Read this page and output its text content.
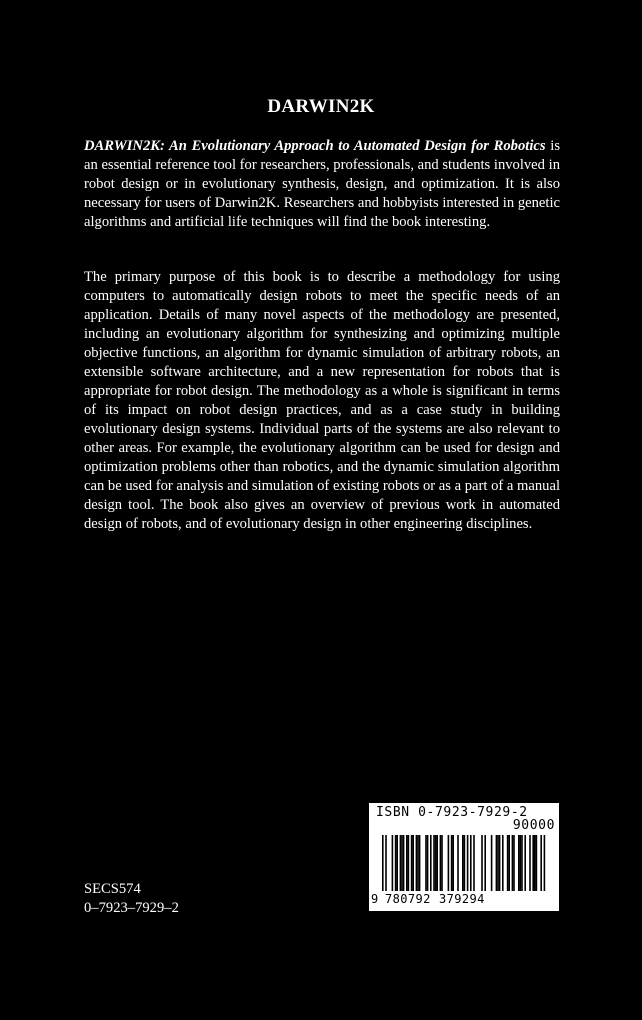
DARWIN2K
DARWIN2K: An Evolutionary Approach to Automated Design for Robotics is an essential reference tool for researchers, professionals, and students involved in robot design or in evolutionary synthesis, design, and optimization. It is also necessary for users of Darwin2K. Researchers and hobbyists interested in genetic algorithms and artificial life techniques will find the book interesting.
The primary purpose of this book is to describe a methodology for using computers to automatically design robots to meet the specific needs of an application. Details of many novel aspects of the methodology are presented, including an evolutionary algorithm for synthesizing and optimizing multiple objective functions, an algorithm for dynamic simulation of arbitrary robots, an extensible software architecture, and a new representation for robots that is appropriate for robot design. The methodology as a whole is significant in terms of its impact on robot design practices, and as a case study in building evolutionary design systems. Individual parts of the systems are also relevant to other areas. For example, the evolutionary algorithm can be used for design and optimization problems other than robotics, and the dynamic simulation algorithm can be used for analysis and simulation of existing robots or as a part of a manual design tool. The book also gives an overview of previous work in automated design of robots, and of evolutionary design in other engineering disciplines.
SECS574
0–7923–7929–2
ISBN 0-7923-7929-2
90000
9 780792 379294
